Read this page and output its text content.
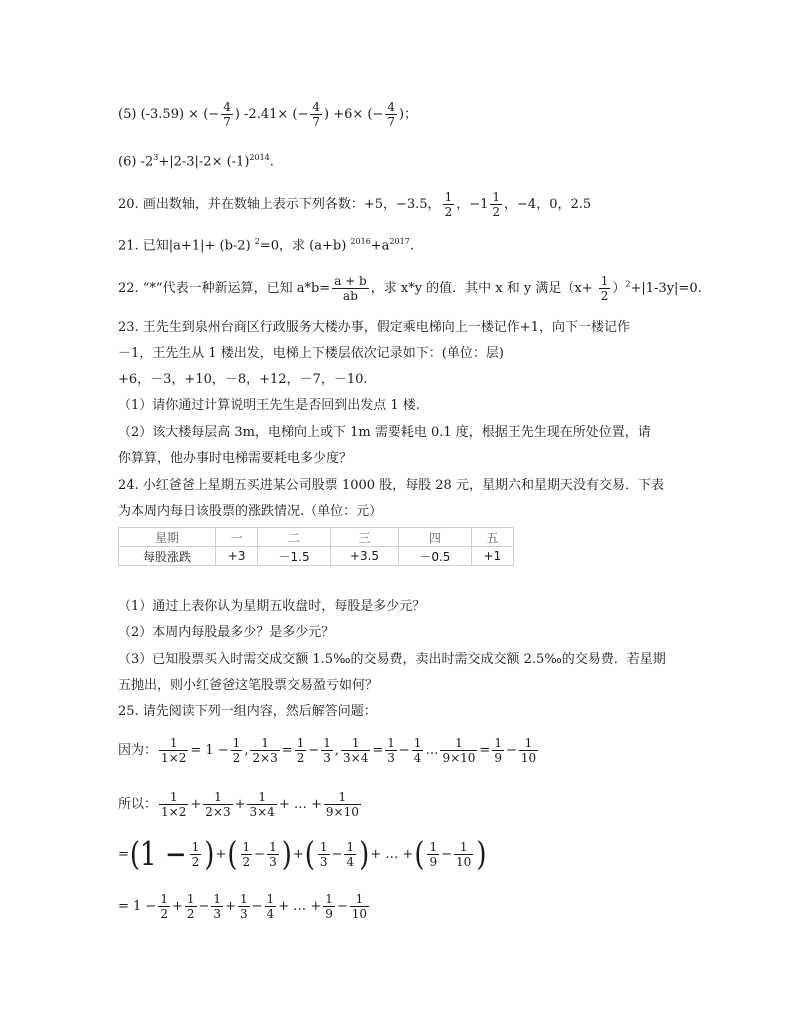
(5) (-3.59) × (− $\frac{4}{7}$ ) -2.41× (− $\frac{4}{7}$ ) +6× (− $\frac{4}{7}$ )；
(6) $-2^3+|2-3|-2\times (-1)^{2014}$.
20. 画出数轴，并在数轴上表示下列各数：+5，−3.5， $\frac{1}{2}$ ，$-1 \frac{1}{2}$ ，−4，0，2.5
21. 已知|a+1|+ (b-2) $^2$=0，求 (a+b) $^{2016}+a^{2017}$.
22. “*”代表一种新运算，已知 $a*b= \frac{a + b}{ab}$ ，求 x*y 的值．其中 x 和 y 满足$(x+ \frac{1}{2} )^2+|1-3y|=0$.
23. 王先生到泉州台商区行政服务大楼办事，假定乘电梯向上一楼记作+1，向下一楼记作
－1，王先生从 1 楼出发，电梯上下楼层依次记录如下：(单位：层)
+6，－3，+10，－8，+12，－7，－10.
（1）请你通过计算说明王先生是否回到出发点 1 楼.
（2）该大楼每层高 3m，电梯向上或下 1m 需要耗电 0.1 度，根据王先生现在所处位置，请
你算算，他办事时电梯需要耗电多少度？
24. 小红爸爸上星期五买进某公司股票 1000 股，每股 28 元，星期六和星期天没有交易．下表
为本周内每日该股票的涨跌情况.（单位：元）
星期	一	二	三	四	五
每股涨跌	+3	－1.5	+3.5	－0.5	+1
（1）通过上表你认为星期五收盘时，每股是多少元？
（2）本周内每股最多少？是多少元？
（3）已知股票买入时需交成交额 1.5‰的交易费，卖出时需交成交额 2.5‰的交易费．若星期
五抛出，则小红爸爸这笔股票交易盈亏如何？
25. 请先阅读下列一组内容，然后解答问题：
因为： $\frac{1}{1\times 2} = 1 - \frac{1}{2}$ , $\frac{1}{2\times 3} = \frac{1}{2} - \frac{1}{3}$ , $\frac{1}{3\times 4} = \frac{1}{3} - \frac{1}{4}$ … $\frac{1}{9\times 10} = \frac{1}{9} - \frac{1}{10}$
所以： $\frac{1}{1\times 2} + \frac{1}{2\times 3} + \frac{1}{3\times 4}$ + … + $\frac{1}{9\times 10}$
$=(1 - \frac{1}{2}$ )+( $\frac{1}{2} - \frac{1}{3}$ )+( $\frac{1}{3} - \frac{1}{4}$ )+ … +( $\frac{1}{9} - \frac{1}{10}$ )
= $1 - \frac{1}{2} + \frac{1}{2} - \frac{1}{3} + \frac{1}{3} - \frac{1}{4}$ + … + $\frac{1}{9} - \frac{1}{10}$
